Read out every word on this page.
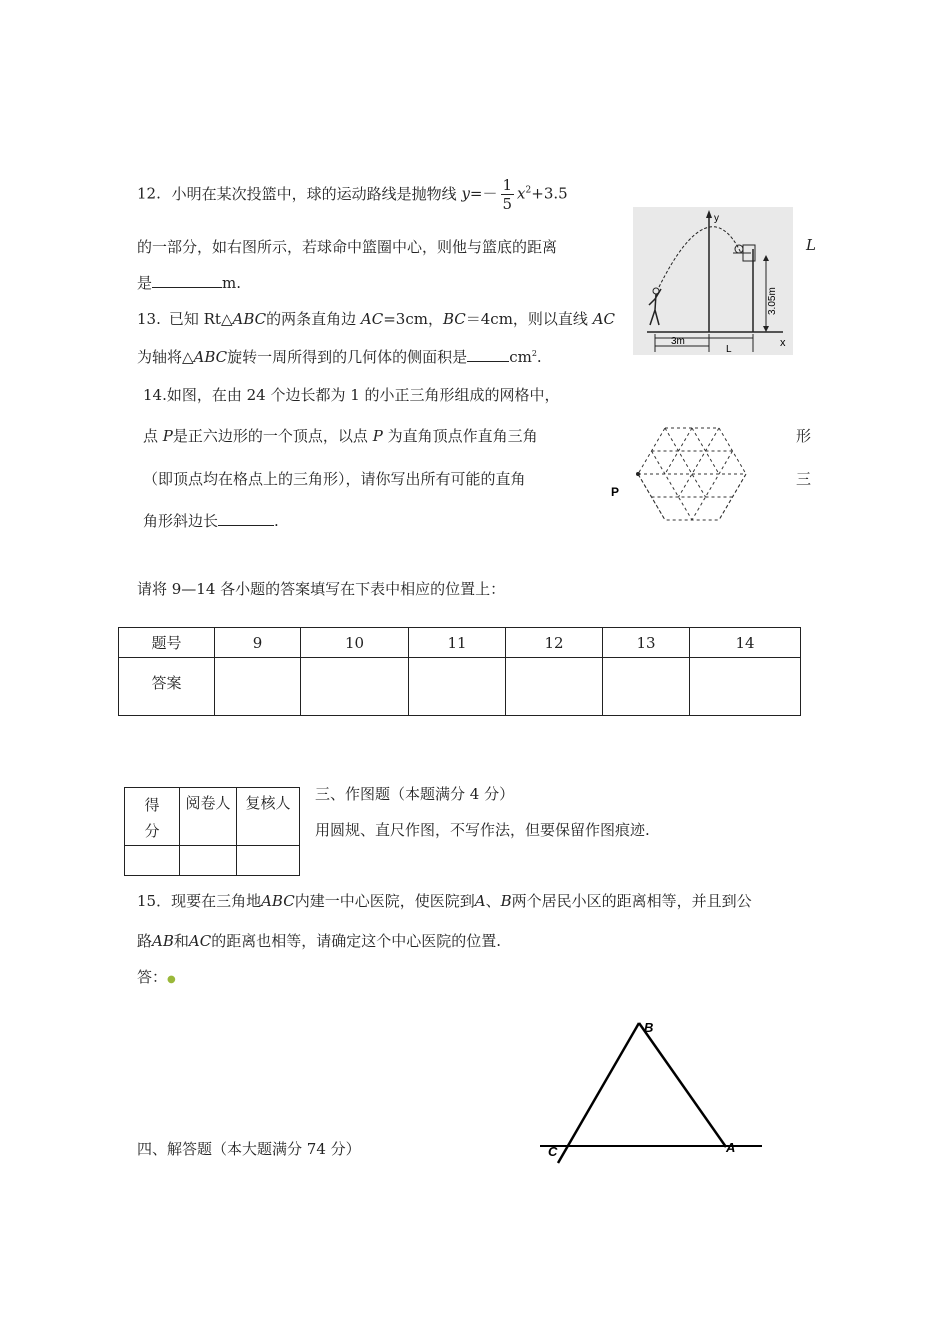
12. 小明在某次投篮中，球的运动路线是抛物线 $y=- \frac{1}{5} x^2+3.5$
的一部分，如右图所示，若球命中篮圈中心，则他与篮底的距离	L
是	m.
y
x
3.05m
3m
L
13. 已知 Rt△ABC的两条直角边 AC=3cm，BC＝4cm，则以直线 AC
为轴将△ABC旋转一周所得到的几何体的侧面积是	$cm^2$.
14.如图，在由 24 个边长都为 1 的小正三角形组成的网格中，
点 P是正六边形的一个顶点，以点 P 为直角顶点作直角三角	形
（即顶点均在格点上的三角形），请你写出所有可能的直角	三
角形斜边长	.
P
请将 9—14 各小题的答案填写在下表中相应的位置上：
题号	9	10	11	12	13	14
答案						
得分	阅卷人	复核人
		三、作图题（本题满分 4 分）
用圆规、直尺作图，不写作法，但要保留作图痕迹.
15．现要在三角地ABC内建一中心医院，使医院到A、B两个居民小区的距离相等，并且到公
路AB和AC的距离也相等，请确定这个中心医院的位置.
答：●
B
A
C
四、解答题（本大题满分 74 分）
